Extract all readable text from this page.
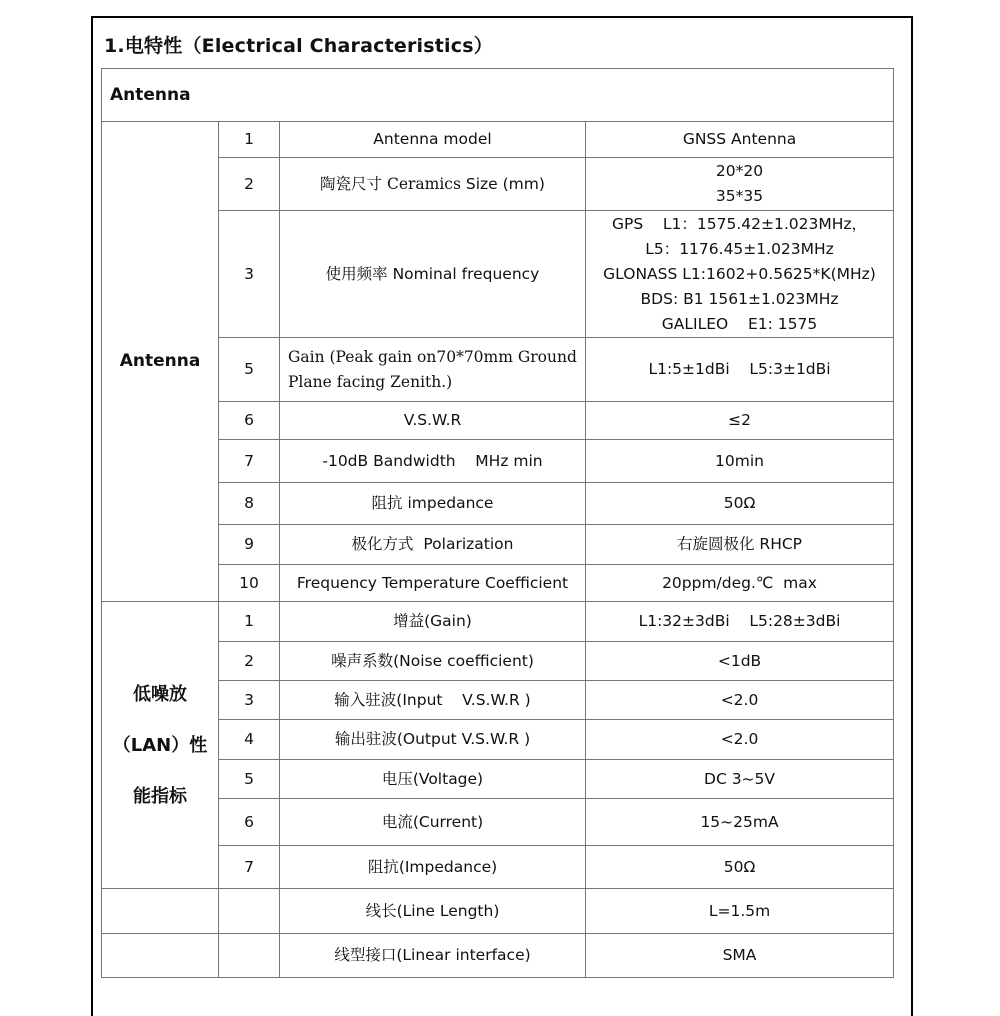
1.电特性（Electrical Characteristics）
Antenna			
Antenna	1	Antenna model	GNSS Antenna
	2	陶瓷尺寸 Ceramics Size (mm)	20*20
35*35

	3	使用频率 Nominal frequency	GPS    L1：1575.42±1.023MHz，
L5：1176.45±1.023MHz
GLONASS L1:1602+0.5625*K(MHz)
BDS: B1 1561±1.023MHz
GALILEO    E1: 1575

	5	Gain (Peak gain on70*70mm Ground
Plane facing Zenith.)	L1:5±1dBi    L5:3±1dBi
	6	V.S.W.R	≤2
	7	-10dB Bandwidth    MHz min	10min
	8	阻抗 impedance	50Ω
	9	极化方式  Polarization	右旋圆极化 RHCP
	10	Frequency Temperature Coefficient	20ppm/deg.℃  max

低噪放
（LAN）性
能指标	1	增益(Gain)	L1:32±3dBi    L5:28±3dBi
	2	噪声系数(Noise coefficient)	<1dB
	3	输入驻波(Input    V.S.W.R )	<2.0
	4	输出驻波(Output V.S.W.R )	<2.0
	5	电压(Voltage)	DC 3~5V
	6	电流(Current)	15~25mA
	7	阻抗(Impedance)	50Ω
		线长(Line Length)	L=1.5m
		线型接口(Linear interface)	SMA
